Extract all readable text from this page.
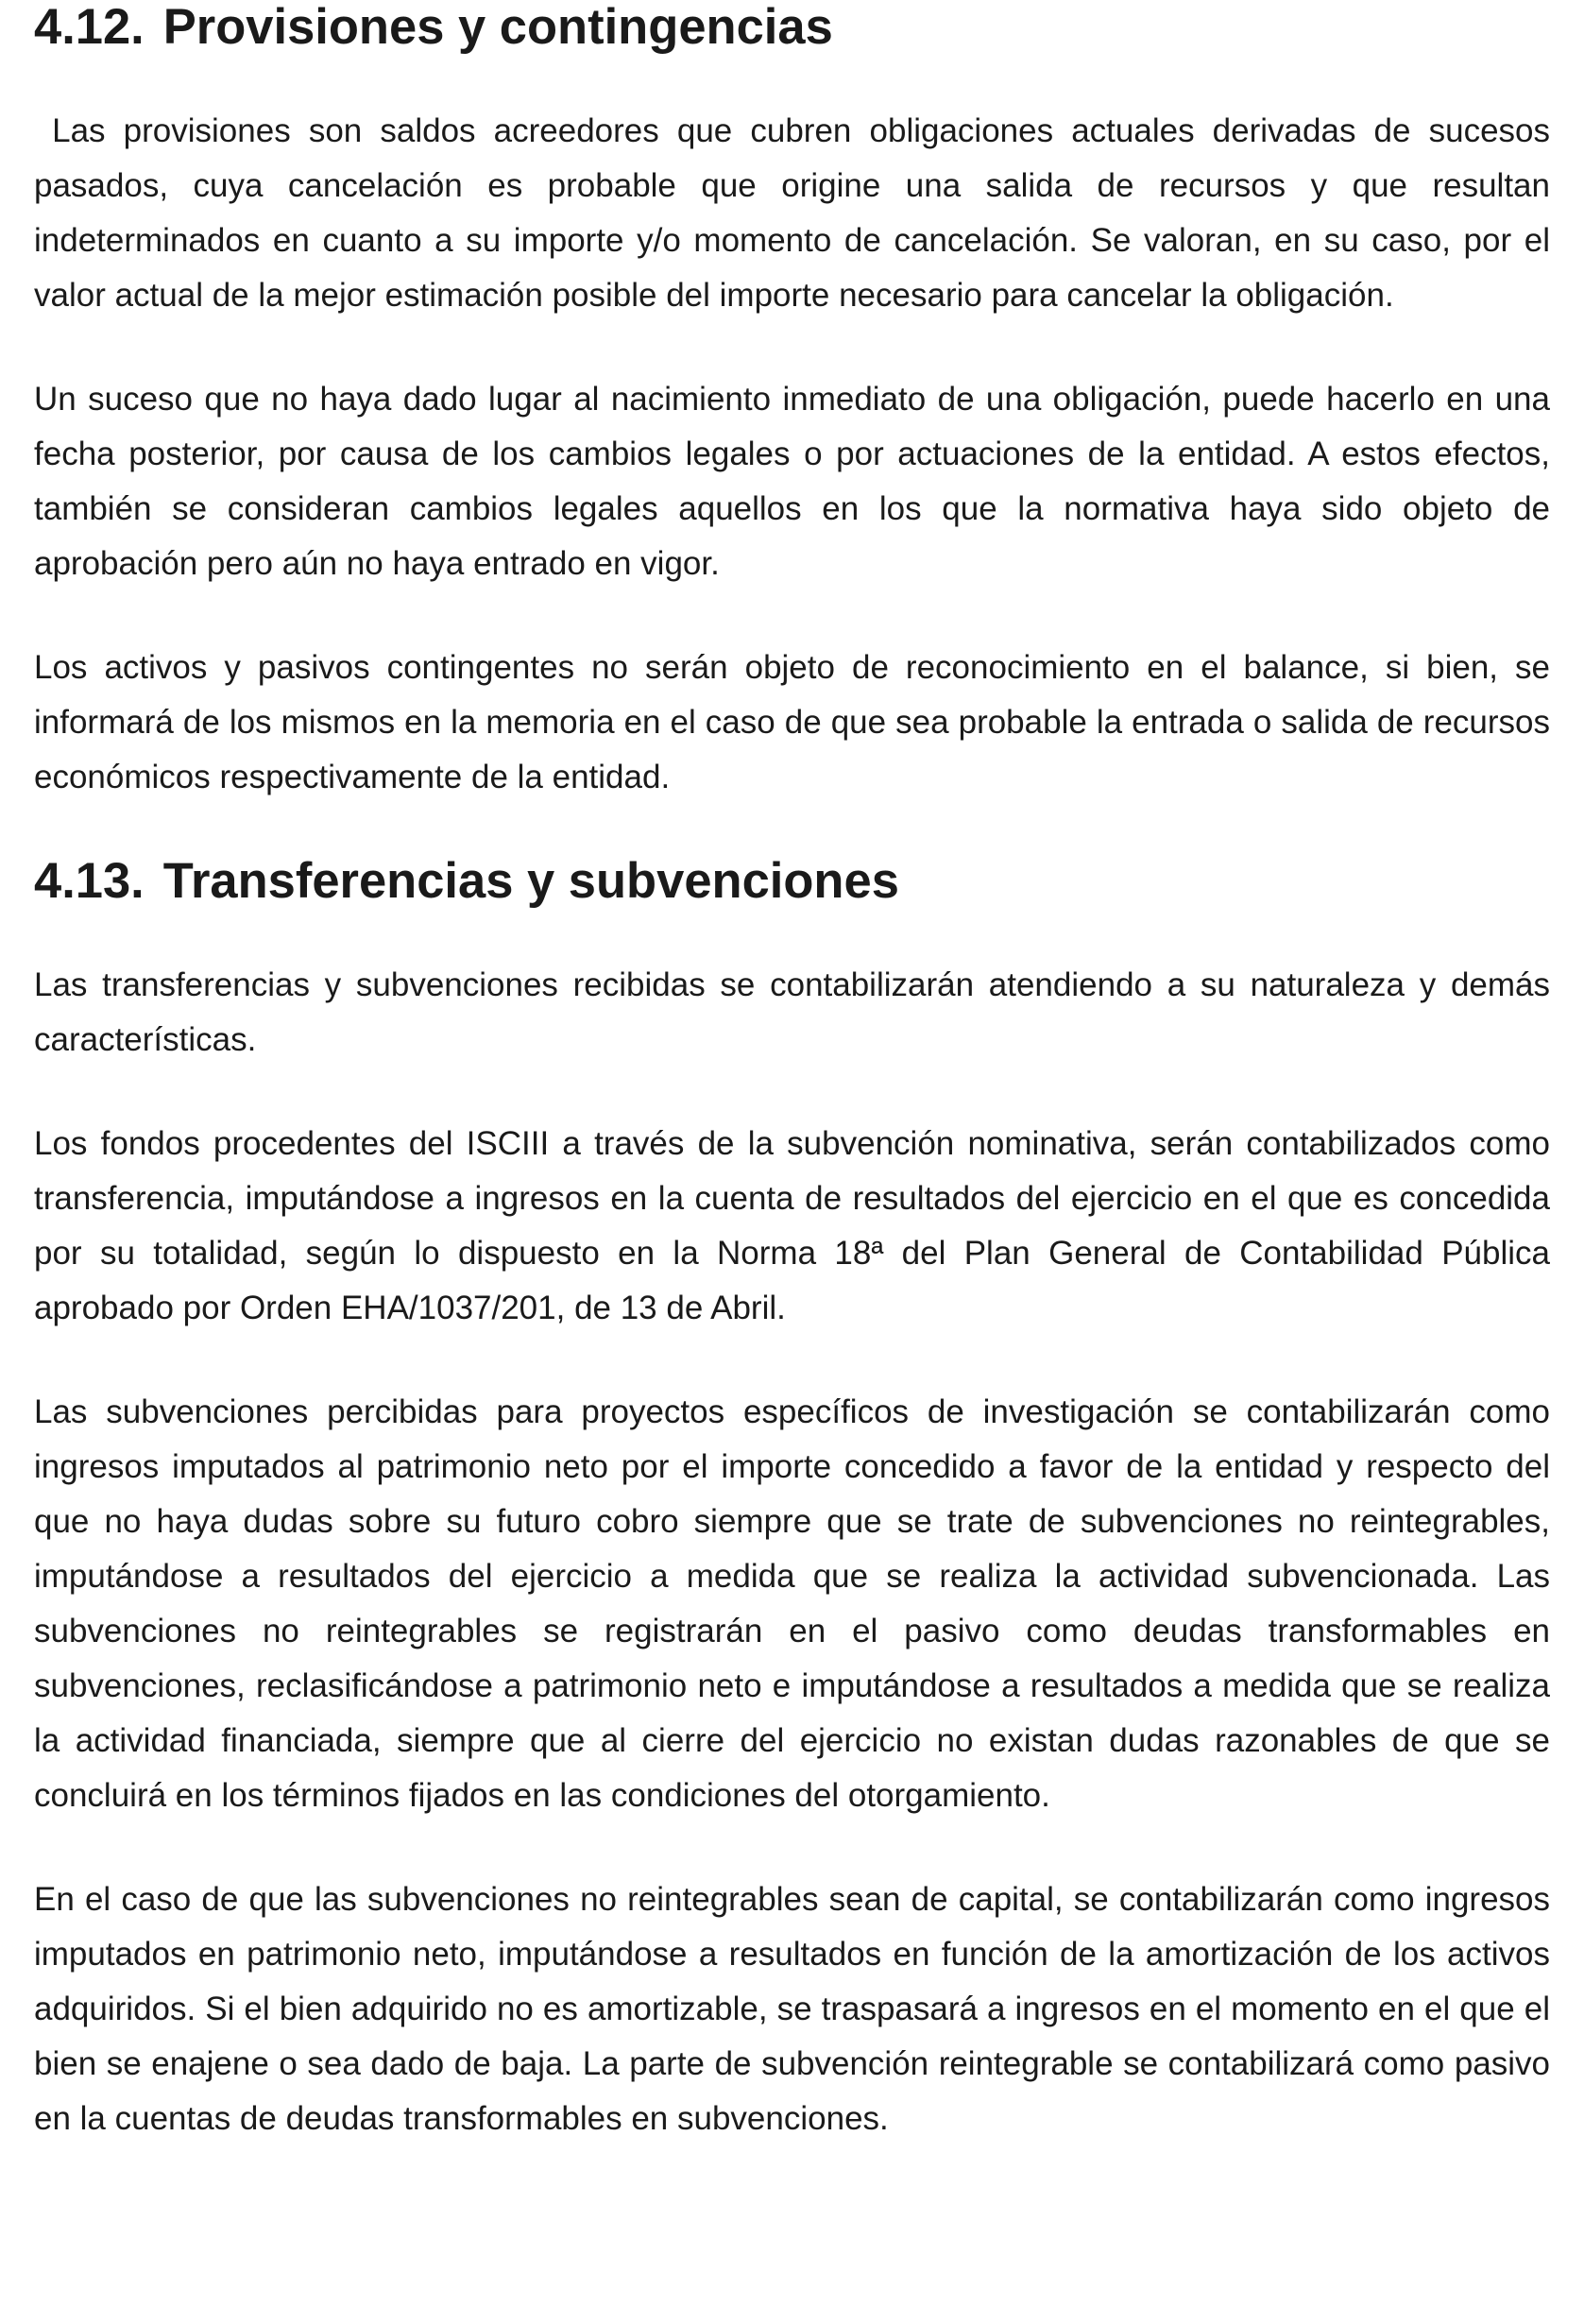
4.12. Provisiones y contingencias

Las provisiones son saldos acreedores que cubren obligaciones actuales derivadas de sucesos pasados, cuya cancelación es probable que origine una salida de recursos y que resultan indeterminados en cuanto a su importe y/o momento de cancelación. Se valoran, en su caso, por el valor actual de la mejor estimación posible del importe necesario para cancelar la obligación.

Un suceso que no haya dado lugar al nacimiento inmediato de una obligación, puede hacerlo en una fecha posterior, por causa de los cambios legales o por actuaciones de la entidad. A estos efectos, también se consideran cambios legales aquellos en los que la normativa haya sido objeto de aprobación pero aún no haya entrado en vigor.

Los activos y pasivos contingentes no serán objeto de reconocimiento en el balance, si bien, se informará de los mismos en la memoria en el caso de que sea probable la entrada o salida de recursos económicos respectivamente de la entidad.

4.13. Transferencias y subvenciones

Las transferencias y subvenciones recibidas se contabilizarán atendiendo a su naturaleza y demás características.

Los fondos procedentes del ISCIII a través de la subvención nominativa, serán contabilizados como transferencia, imputándose a ingresos en la cuenta de resultados del ejercicio en el que es concedida por su totalidad, según lo dispuesto en la Norma 18ª del Plan General de Contabilidad Pública aprobado por Orden EHA/1037/201, de 13 de Abril.

Las subvenciones percibidas para proyectos específicos de investigación se contabilizarán como ingresos imputados al patrimonio neto por el importe concedido a favor de la entidad y respecto del que no haya dudas sobre su futuro cobro siempre que se trate de subvenciones no reintegrables, imputándose a resultados del ejercicio a medida que se realiza la actividad subvencionada. Las subvenciones no reintegrables se registrarán en el pasivo como deudas transformables en subvenciones, reclasificándose a patrimonio neto e imputándose a resultados a medida que se realiza la actividad financiada, siempre que al cierre del ejercicio no existan dudas razonables de que se concluirá en los términos fijados en las condiciones del otorgamiento.

En el caso de que las subvenciones no reintegrables sean de capital, se contabilizarán como ingresos imputados en patrimonio neto, imputándose a resultados en función de la amortización de los activos adquiridos. Si el bien adquirido no es amortizable, se traspasará a ingresos en el momento en el que el bien se enajene o sea dado de baja. La parte de subvención reintegrable se contabilizará como pasivo en la cuentas de deudas transformables en subvenciones.
